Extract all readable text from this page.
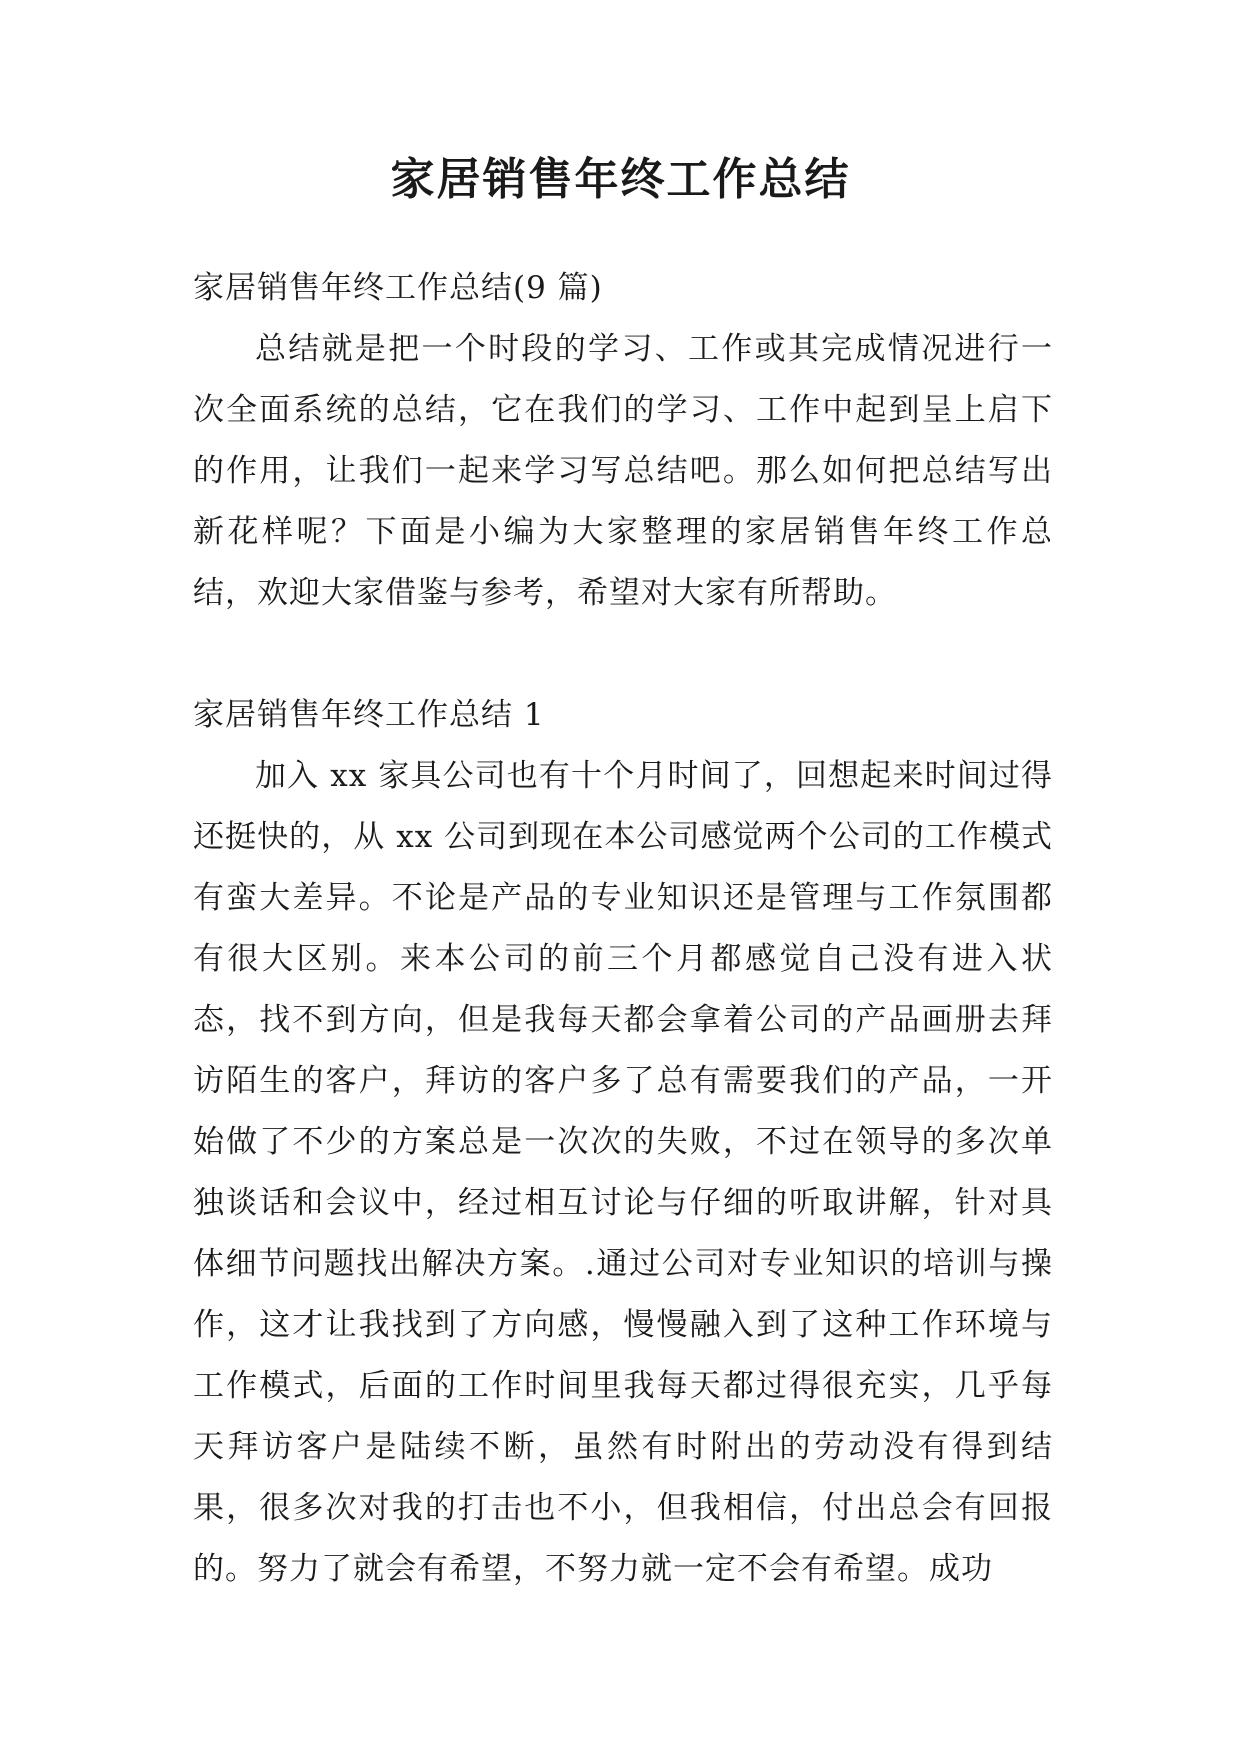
家居销售年终工作总结
家居销售年终工作总结(9 篇)

总结就是把一个时段的学习、工作或其完成情况进行一次全面系统的总结，它在我们的学习、工作中起到呈上启下的作用，让我们一起来学习写总结吧。那么如何把总结写出新花样呢？下面是小编为大家整理的家居销售年终工作总结，欢迎大家借鉴与参考，希望对大家有所帮助。

家居销售年终工作总结 1

加入 xx 家具公司也有十个月时间了，回想起来时间过得还挺快的，从 xx 公司到现在本公司感觉两个公司的工作模式有蛮大差异。不论是产品的专业知识还是管理与工作氛围都有很大区别。来本公司的前三个月都感觉自己没有进入状态，找不到方向，但是我每天都会拿着公司的产品画册去拜访陌生的客户，拜访的客户多了总有需要我们的产品，一开始做了不少的方案总是一次次的失败，不过在领导的多次单独谈话和会议中，经过相互讨论与仔细的听取讲解，针对具体细节问题找出解决方案。.通过公司对专业知识的培训与操作，这才让我找到了方向感，慢慢融入到了这种工作环境与工作模式，后面的工作时间里我每天都过得很充实，几乎每天拜访客户是陆续不断，虽然有时附出的劳动没有得到结果，很多次对我的打击也不小，但我相信，付出总会有回报的。努力了就会有希望，不努力就一定不会有希望。成功
